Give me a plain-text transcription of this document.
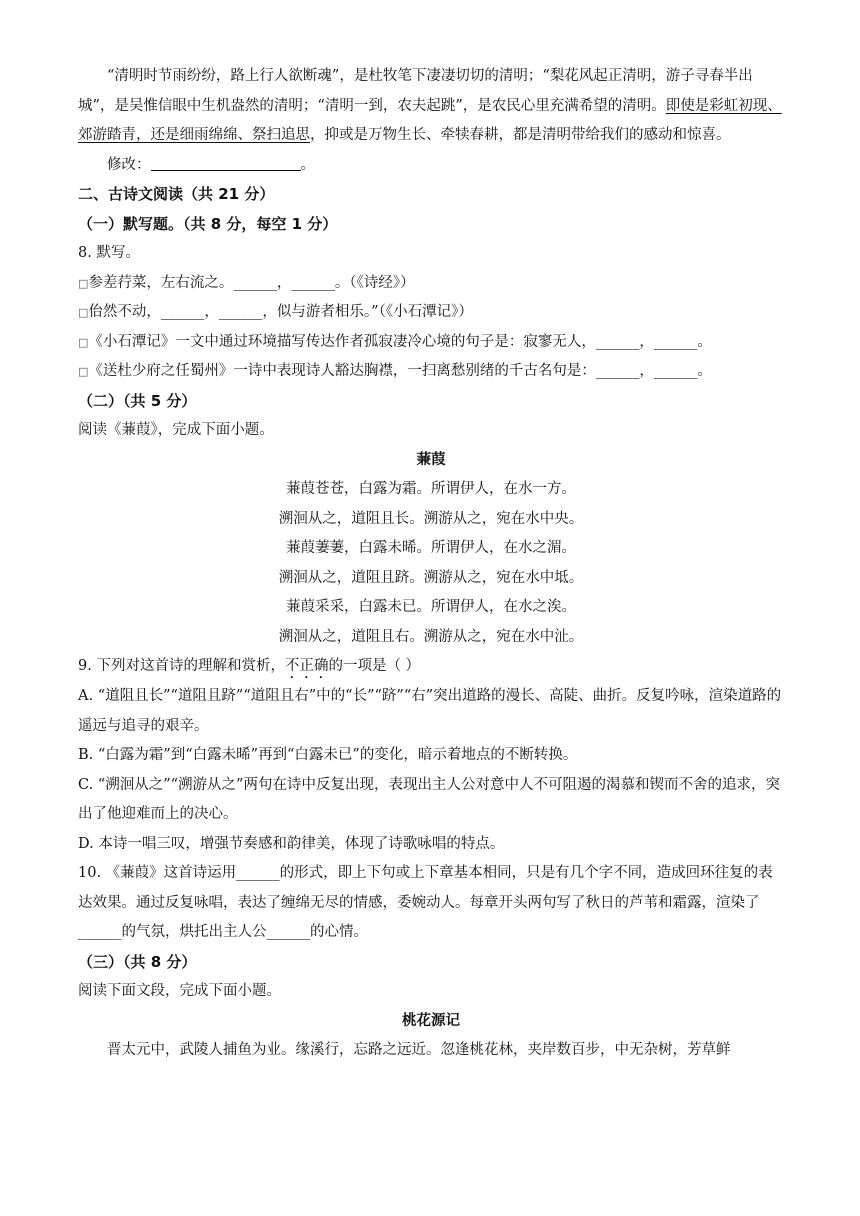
“清明时节雨纷纷，路上行人欲断魂”，是杜牧笔下凄凄切切的清明；“梨花风起正清明，游子寻春半出城”，是吴惟信眼中生机盎然的清明；“清明一到，农夫起跳”，是农民心里充满希望的清明。即使是彩虹初现、郊游踏青，还是细雨绵绵、祭扫追思，抑或是万物生长、牵犊春耕，都是清明带给我们的感动和惊喜。

修改：	。

二、古诗文阅读（共 21 分）

（一）默写题。（共 8 分，每空 1 分）

8. 默写。

□参差荇菜，左右流之。______，______。（《诗经》）

□佁然不动，______，______，似与游者相乐。”（《小石潭记》）

□《小石潭记》一文中通过环境描写传达作者孤寂凄冷心境的句子是：寂寥无人，______，______。

□《送杜少府之任蜀州》一诗中表现诗人豁达胸襟，一扫离愁别绪的千古名句是：______，______。

（二）（共 5 分）

阅读《蒹葭》，完成下面小题。

蒹葭

蒹葭苍苍，白露为霜。所谓伊人，在水一方。

溯洄从之，道阻且长。溯游从之，宛在水中央。

蒹葭萋萋，白露未晞。所谓伊人，在水之湄。

溯洄从之，道阻且跻。溯游从之，宛在水中坻。

蒹葭采采，白露未已。所谓伊人，在水之涘。

溯洄从之，道阻且右。溯游从之，宛在水中沚。

9. 下列对这首诗的理解和赏析，不正确的一项是（ ）

A. “道阻且长”“道阻且跻”“道阻且右”中的“长”“跻”“右”突出道路的漫长、高陡、曲折。反复吟咏，渲染道路的遥远与追寻的艰辛。

B. “白露为霜”到“白露未晞”再到“白露未已”的变化，暗示着地点的不断转换。

C. “溯洄从之”“溯游从之”两句在诗中反复出现，表现出主人公对意中人不可阻遏的渴慕和锲而不舍的追求，突出了他迎难而上的决心。

D. 本诗一唱三叹，增强节奏感和韵律美，体现了诗歌咏唱的特点。

10. 《蒹葭》这首诗运用______的形式，即上下句或上下章基本相同，只是有几个字不同，造成回环往复的表达效果。通过反复咏唱，表达了缠绵无尽的情感，委婉动人。每章开头两句写了秋日的芦苇和霜露，渲染了______的气氛，烘托出主人公______的心情。

（三）（共 8 分）

阅读下面文段，完成下面小题。

桃花源记

晋太元中，武陵人捕鱼为业。缘溪行，忘路之远近。忽逢桃花林，夹岸数百步，中无杂树，芳草鲜
